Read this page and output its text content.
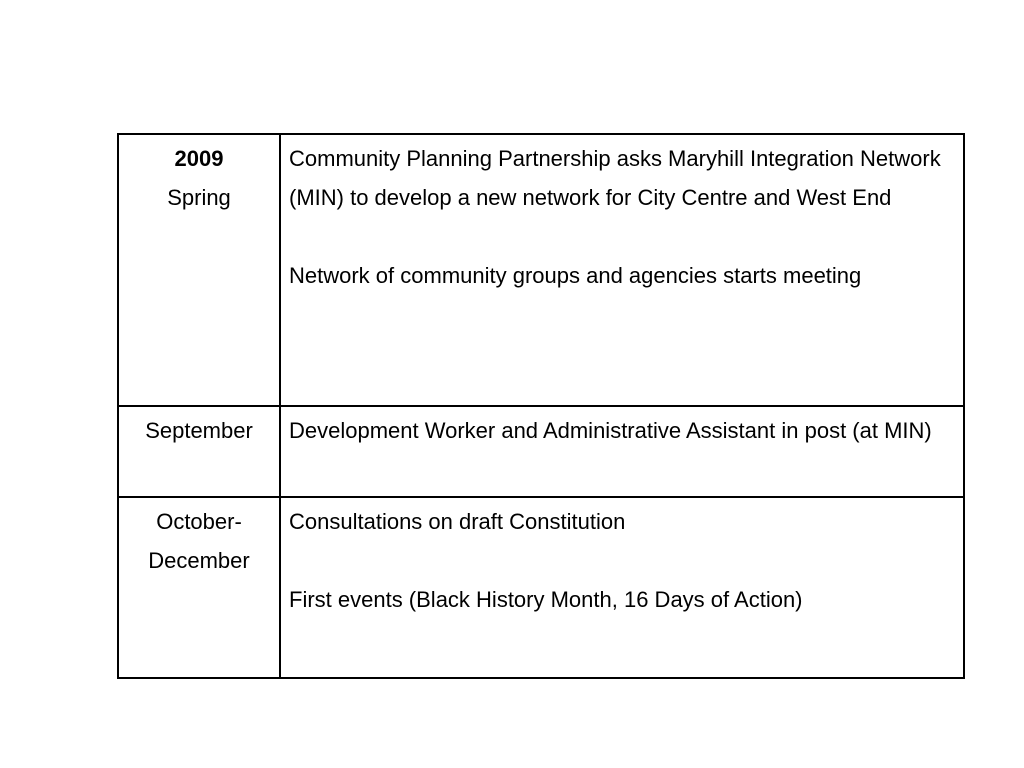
2009
Spring	Community Planning Partnership asks Maryhill Integration Network (MIN) to develop a new network for City Centre and West End
Network of community groups and agencies starts meeting

September	Development Worker and Administrative Assistant in post (at MIN)

October-
December	Consultations on draft Constitution
First events (Black History Month, 16 Days of Action)
